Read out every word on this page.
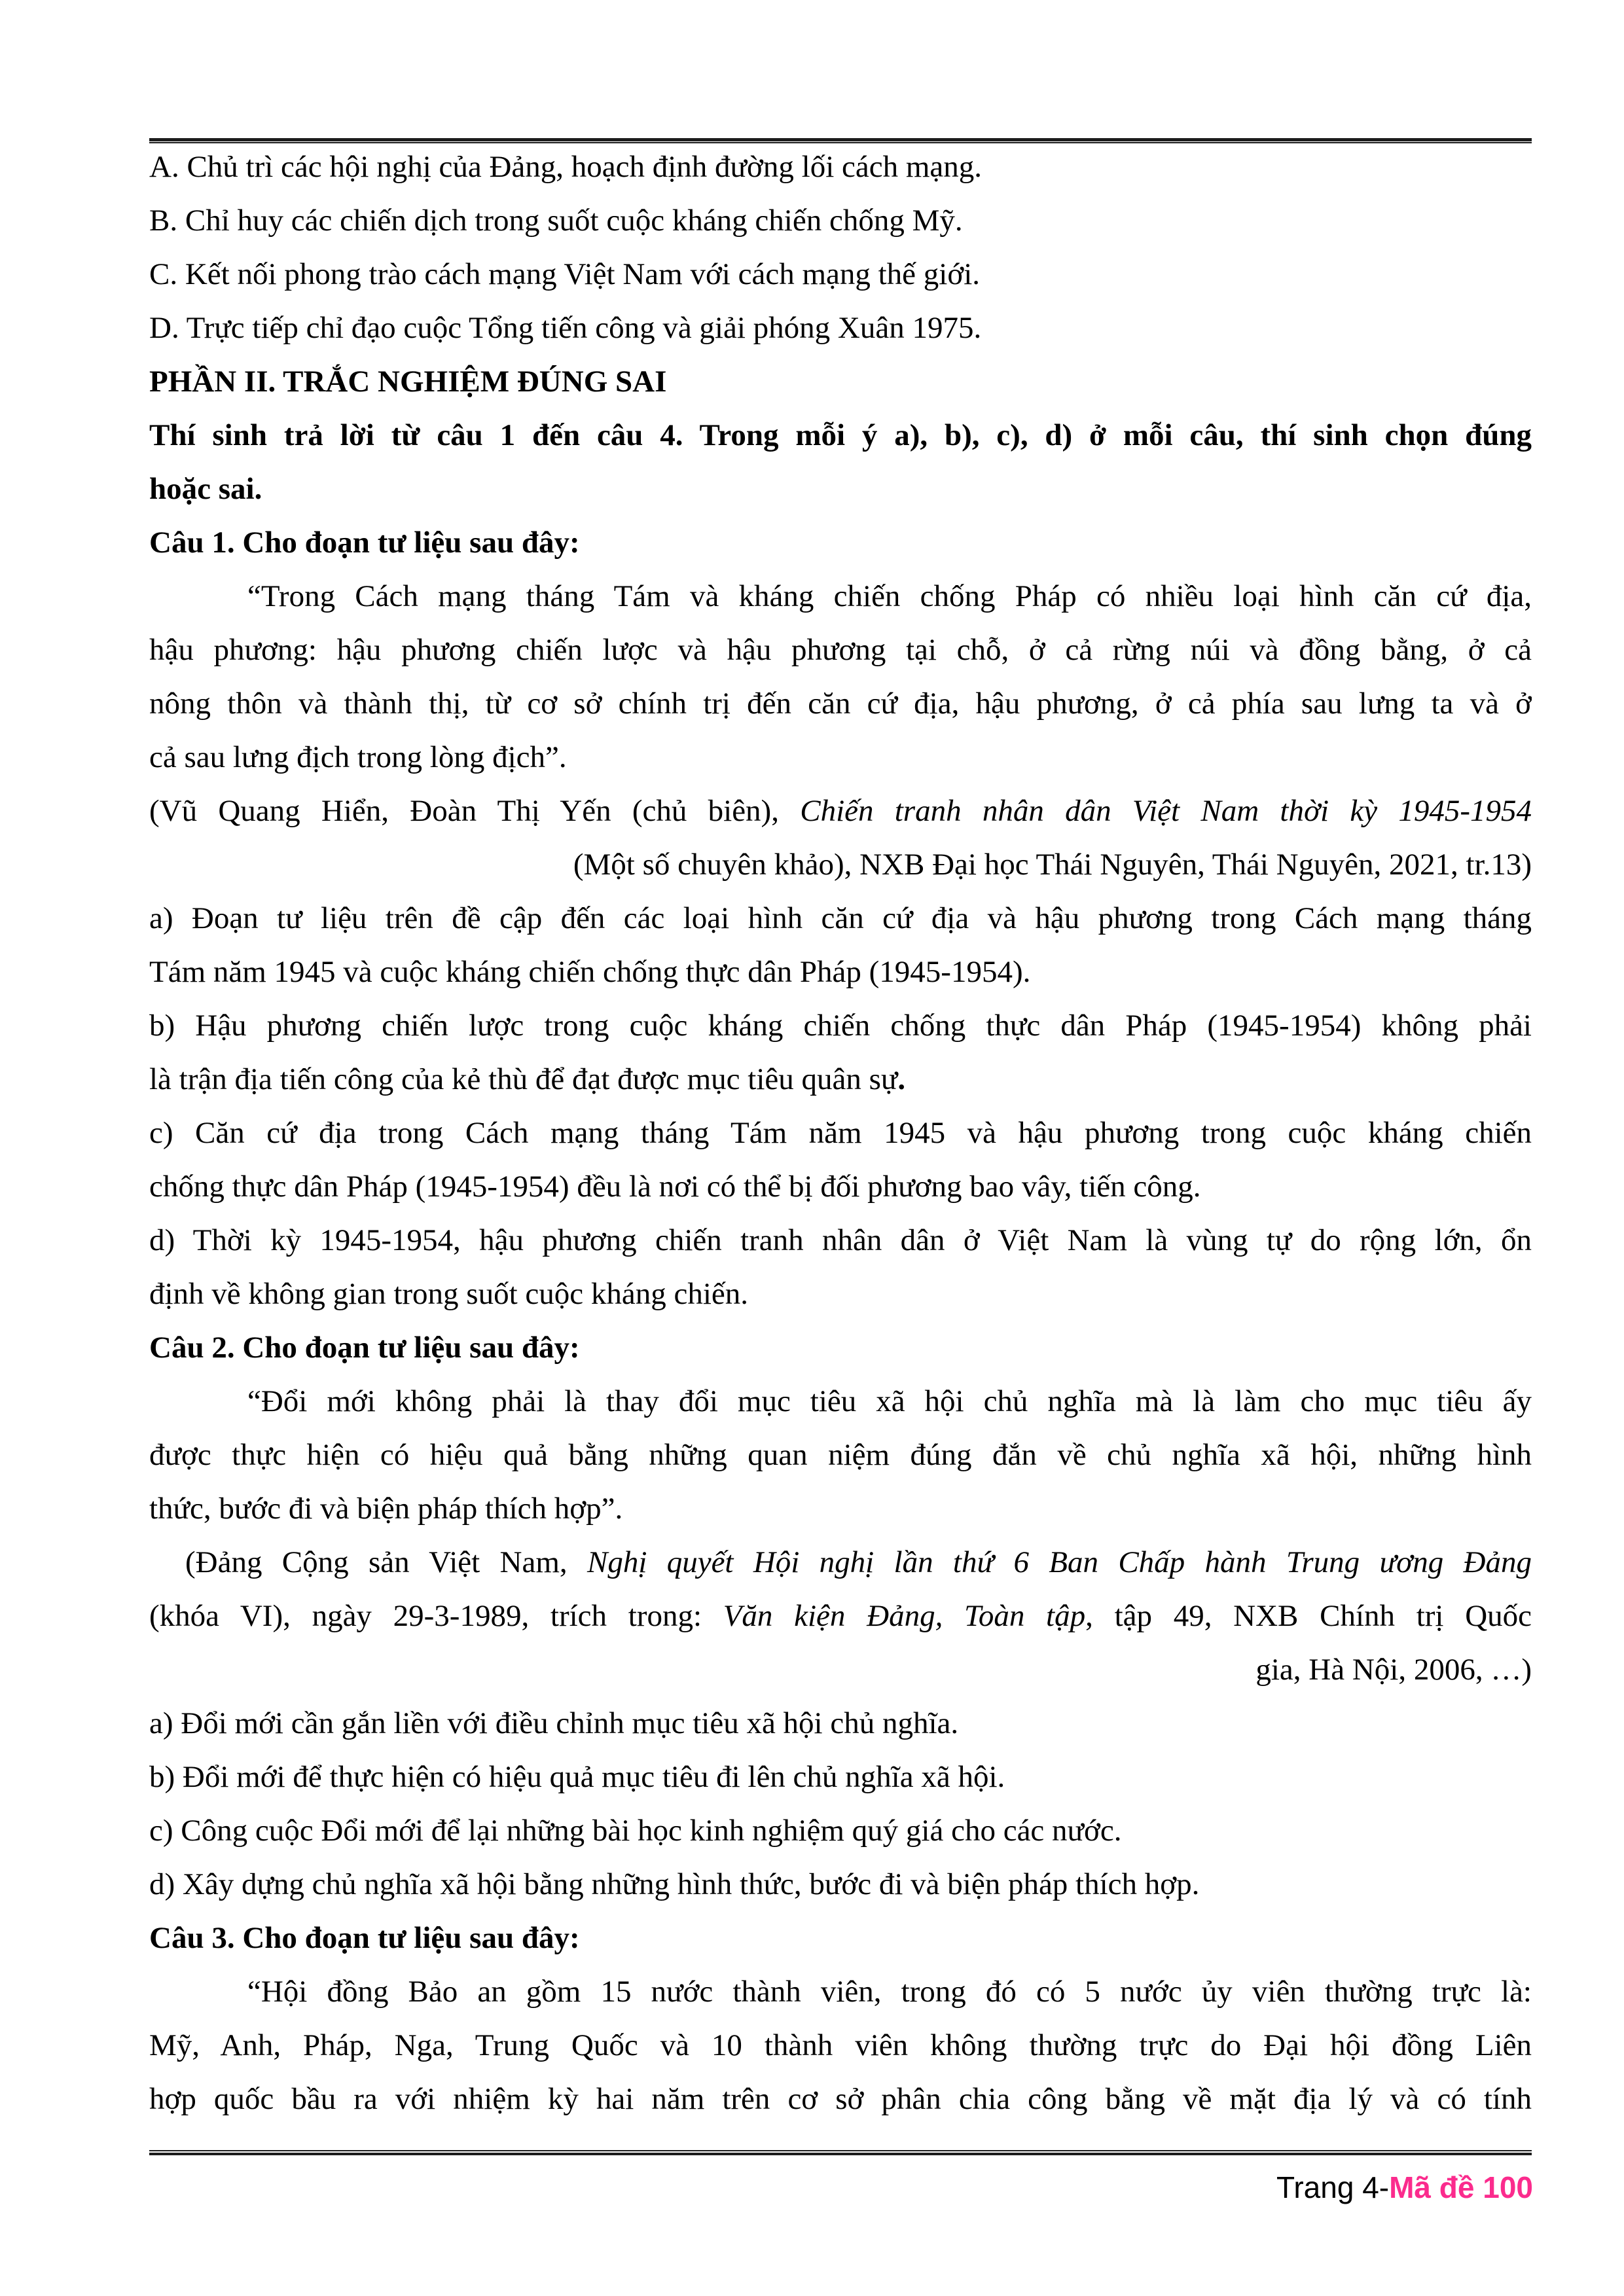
A. Chủ trì các hội nghị của Đảng, hoạch định đường lối cách mạng.
B. Chỉ huy các chiến dịch trong suốt cuộc kháng chiến chống Mỹ.
C. Kết nối phong trào cách mạng Việt Nam với cách mạng thế giới.
D. Trực tiếp chỉ đạo cuộc Tổng tiến công và giải phóng Xuân 1975.
PHẦN II. TRẮC NGHIỆM ĐÚNG SAI
Thí sinh trả lời từ câu 1 đến câu 4. Trong mỗi ý a), b), c), d) ở mỗi câu, thí sinh chọn đúng
hoặc sai.
Câu 1. Cho đoạn tư liệu sau đây:
“Trong Cách mạng tháng Tám và kháng chiến chống Pháp có nhiều loại hình căn cứ địa,
hậu phương: hậu phương chiến lược và hậu phương tại chỗ, ở cả rừng núi và đồng bằng, ở cả
nông thôn và thành thị, từ cơ sở chính trị đến căn cứ địa, hậu phương, ở cả phía sau lưng ta và ở
cả sau lưng địch trong lòng địch”.
(Vũ Quang Hiển, Đoàn Thị Yến (chủ biên), Chiến tranh nhân dân Việt Nam thời kỳ 1945-1954
(Một số chuyên khảo), NXB Đại học Thái Nguyên, Thái Nguyên, 2021, tr.13)
a) Đoạn tư liệu trên đề cập đến các loại hình căn cứ địa và hậu phương trong Cách mạng tháng
Tám năm 1945 và cuộc kháng chiến chống thực dân Pháp (1945-1954).
b) Hậu phương chiến lược trong cuộc kháng chiến chống thực dân Pháp (1945-1954) không phải
là trận địa tiến công của kẻ thù để đạt được mục tiêu quân sự.
c) Căn cứ địa trong Cách mạng tháng Tám năm 1945 và hậu phương trong cuộc kháng chiến
chống thực dân Pháp (1945-1954) đều là nơi có thể bị đối phương bao vây, tiến công.
d) Thời kỳ 1945-1954, hậu phương chiến tranh nhân dân ở Việt Nam là vùng tự do rộng lớn, ổn
định về không gian trong suốt cuộc kháng chiến.
Câu 2. Cho đoạn tư liệu sau đây:
“Đổi mới không phải là thay đổi mục tiêu xã hội chủ nghĩa mà là làm cho mục tiêu ấy
được thực hiện có hiệu quả bằng những quan niệm đúng đắn về chủ nghĩa xã hội, những hình
thức, bước đi và biện pháp thích hợp”.
(Đảng Cộng sản Việt Nam, Nghị quyết Hội nghị lần thứ 6 Ban Chấp hành Trung ương Đảng
(khóa VI), ngày 29-3-1989, trích trong: Văn kiện Đảng, Toàn tập, tập 49, NXB Chính trị Quốc
gia, Hà Nội, 2006, …)
a) Đổi mới cần gắn liền với điều chỉnh mục tiêu xã hội chủ nghĩa.
b) Đổi mới để thực hiện có hiệu quả mục tiêu đi lên chủ nghĩa xã hội.
c) Công cuộc Đổi mới để lại những bài học kinh nghiệm quý giá cho các nước.
d) Xây dựng chủ nghĩa xã hội bằng những hình thức, bước đi và biện pháp thích hợp.
Câu 3. Cho đoạn tư liệu sau đây:
“Hội đồng Bảo an gồm 15 nước thành viên, trong đó có 5 nước ủy viên thường trực là:
Mỹ, Anh, Pháp, Nga, Trung Quốc và 10 thành viên không thường trực do Đại hội đồng Liên
hợp quốc bầu ra với nhiệm kỳ hai năm trên cơ sở phân chia công bằng về mặt địa lý và có tính
Trang 4-Mã đề 100
